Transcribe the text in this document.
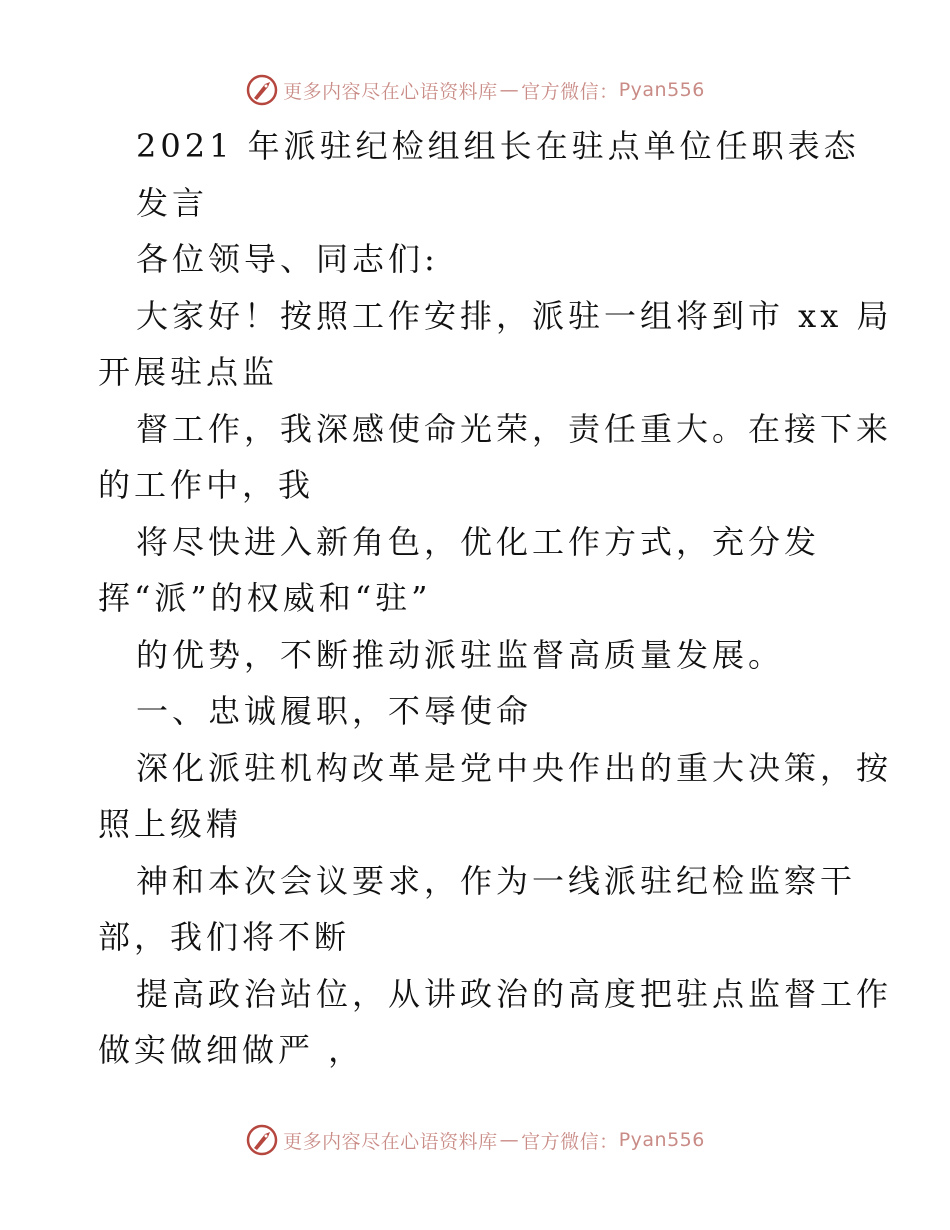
更多内容尽在心语资料库 — 官方微信： Pyan556
2021 年派驻纪检组组长在驻点单位任职表态
发言
各位领导、同志们:
大家好！按照工作安排，派驻一组将到市 xx 局
开展驻点监
督工作，我深感使命光荣，责任重大。在接下来
的工作中，我
将尽快进入新角色，优化工作方式，充分发
挥“派”的权威和“驻”
的优势，不断推动派驻监督高质量发展。
一、忠诚履职，不辱使命
深化派驻机构改革是党中央作出的重大决策，按
照上级精
神和本次会议要求，作为一线派驻纪检监察干
部，我们将不断
提高政治站位，从讲政治的高度把驻点监督工作
做实做细做严 ，
更多内容尽在心语资料库 — 官方微信： Pyan556
